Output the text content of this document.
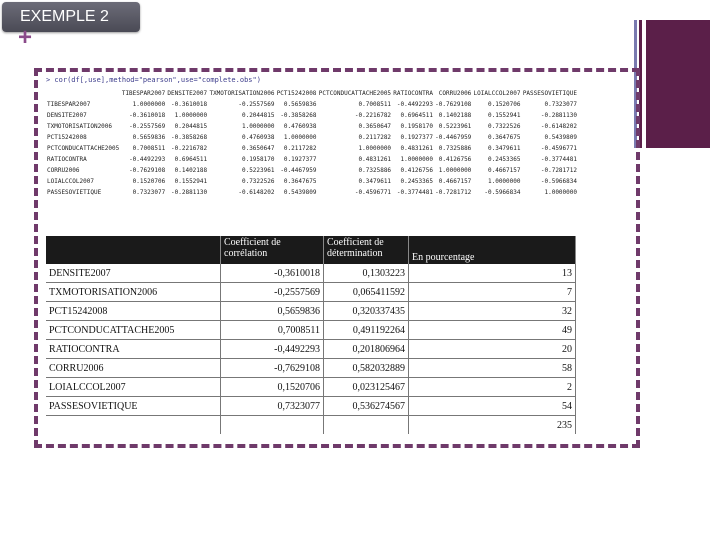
EXEMPLE 2
+
> cor(df[,use],method="pearson",use="complete.obs")
	TIBESPAR2007	DENSITE2007	TXMOTORISATION2006	PCT15242008	PCTCONDUCATTACHE2005	RATIOCONTRA	CORRU2006	LOIALCCOL2007	PASSESOVIETIQUE
TIBESPAR2007	1.0000000	-0.3610018	-0.2557569	0.5659836	0.7008511	-0.4492293	-0.7629108	0.1520706	0.7323077
DENSITE2007	-0.3610018	1.0000000	0.2044815	-0.3858268	-0.2216782	0.6964511	0.1402188	0.1552941	-0.2881130
TXMOTORISATION2006	-0.2557569	0.2044815	1.0000000	0.4760938	0.3650647	0.1958170	0.5223961	0.7322526	-0.6148202
PCT15242008	0.5659836	-0.3858268	0.4760938	1.0000000	0.2117282	0.1927377	-0.4467959	0.3647675	0.5439809
PCTCONDUCATTACHE2005	0.7008511	-0.2216782	0.3650647	0.2117282	1.0000000	0.4831261	0.7325886	0.3479611	-0.4596771
RATIOCONTRA	-0.4492293	0.6964511	0.1958170	0.1927377	0.4831261	1.0000000	0.4126756	0.2453365	-0.3774481
CORRU2006	-0.7629108	0.1402188	0.5223961	-0.4467959	0.7325886	0.4126756	1.0000000	0.4667157	-0.7281712
LOIALCCOL2007	0.1520706	0.1552941	0.7322526	0.3647675	0.3479611	0.2453365	0.4667157	1.0000000	-0.5966834
PASSESOVIETIQUE	0.7323077	-0.2881130	-0.6148202	0.5439809	-0.4596771	-0.3774481	-0.7281712	-0.5966834	1.0000000
	Coefficient de corrélation	Coefficient de détermination	En pourcentage
DENSITE2007	-0,3610018	0,1303223	13
TXMOTORISATION2006	-0,2557569	0,065411592	7
PCT15242008	0,5659836	0,320337435	32
PCTCONDUCATTACHE2005	0,7008511	0,491192264	49
RATIOCONTRA	-0,4492293	0,201806964	20
CORRU2006	-0,7629108	0,582032889	58
LOIALCCOL2007	0,1520706	0,023125467	2
PASSESOVIETIQUE	0,7323077	0,536274567	54
			235
